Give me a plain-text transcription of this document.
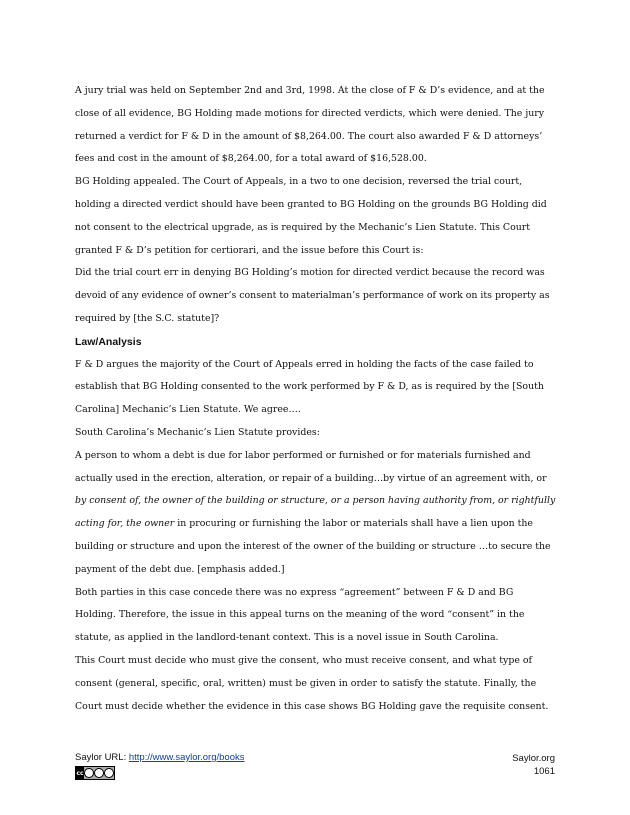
A jury trial was held on September 2nd and 3rd, 1998. At the close of F & D’s evidence, and at the close of all evidence, BG Holding made motions for directed verdicts, which were denied. The jury returned a verdict for F & D in the amount of $8,264.00. The court also awarded F & D attorneys’ fees and cost in the amount of $8,264.00, for a total award of $16,528.00.

BG Holding appealed. The Court of Appeals, in a two to one decision, reversed the trial court, holding a directed verdict should have been granted to BG Holding on the grounds BG Holding did not consent to the electrical upgrade, as is required by the Mechanic’s Lien Statute. This Court granted F & D’s petition for certiorari, and the issue before this Court is:

Did the trial court err in denying BG Holding’s motion for directed verdict because the record was devoid of any evidence of owner’s consent to materialman’s performance of work on its property as required by [the S.C. statute]?

Law/Analysis

F & D argues the majority of the Court of Appeals erred in holding the facts of the case failed to establish that BG Holding consented to the work performed by F & D, as is required by the [South Carolina] Mechanic’s Lien Statute. We agree….

South Carolina’s Mechanic’s Lien Statute provides:

A person to whom a debt is due for labor performed or furnished or for materials furnished and actually used in the erection, alteration, or repair of a building…by virtue of an agreement with, or by consent of, the owner of the building or structure, or a person having authority from, or rightfully acting for, the owner in procuring or furnishing the labor or materials shall have a lien upon the building or structure and upon the interest of the owner of the building or structure …to secure the payment of the debt due. [emphasis added.]

Both parties in this case concede there was no express “agreement” between F & D and BG Holding. Therefore, the issue in this appeal turns on the meaning of the word “consent” in the statute, as applied in the landlord-tenant context. This is a novel issue in South Carolina.

This Court must decide who must give the consent, who must receive consent, and what type of consent (general, specific, oral, written) must be given in order to satisfy the statute. Finally, the Court must decide whether the evidence in this case shows BG Holding gave the requisite consent.

Saylor URL: http://www.saylor.org/books
cc
Saylor.org
1061
